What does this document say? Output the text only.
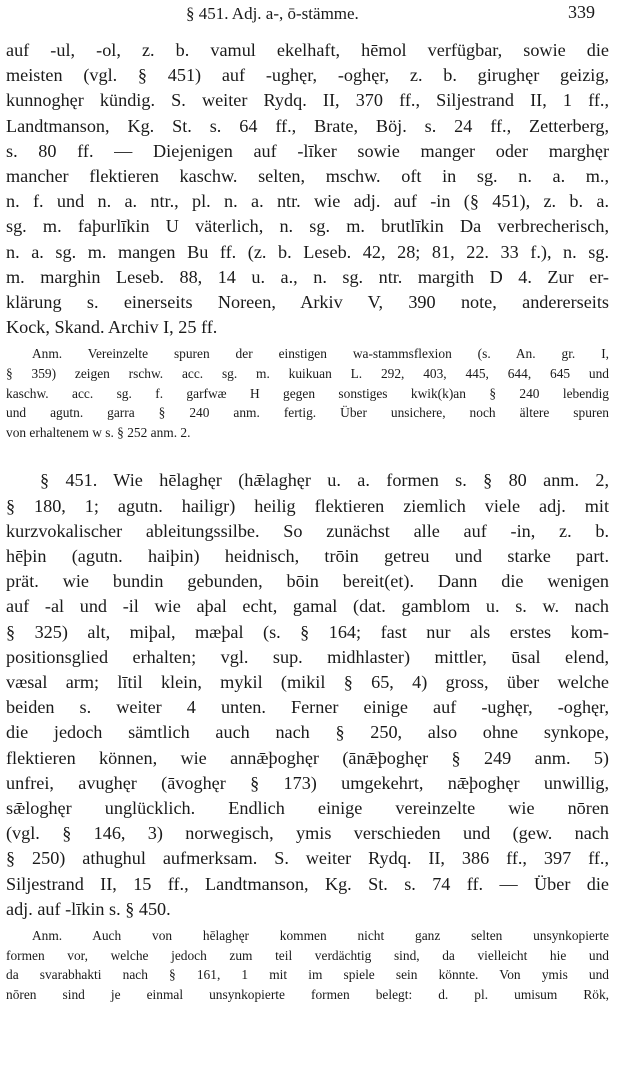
§ 451. Adj. a-, ō-stämme.	339

auf -ul, -ol, z. b. vamul ekelhaft, hēmol verfügbar, sowie die
meisten (vgl. § 451) auf -ughęr, -oghęr, z. b. girughęr geizig,
kunnoghęr kündig. S. weiter Rydq. II, 370 ff., Siljestrand II, 1 ff.,
Landtmanson, Kg. St. s. 64 ff., Brate, Böj. s. 24 ff., Zetterberg,
s. 80 ff. — Diejenigen auf -līker sowie manger oder marghęr
mancher flektieren kaschw. selten, mschw. oft in sg. n. a. m.,
n. f. und n. a. ntr., pl. n. a. ntr. wie adj. auf -in (§ 451), z. b. a.
sg. m. faþurlīkin U väterlich, n. sg. m. brutlīkin Da verbrecherisch,
n. a. sg. m. mangen Bu ff. (z. b. Leseb. 42, 28; 81, 22. 33 f.), n. sg.
m. marghin Leseb. 88, 14 u. a., n. sg. ntr. margith D 4. Zur er-
klärung s. einerseits Noreen, Arkiv V, 390 note, andererseits
Kock, Skand. Archiv I, 25 ff.

Anm. Vereinzelte spuren der einstigen wa-stammsflexion (s. An. gr. I,
§ 359) zeigen rschw. acc. sg. m. kuikuan L. 292, 403, 445, 644, 645 und
kaschw. acc. sg. f. garfwæ H gegen sonstiges kwik(k)an § 240 lebendig
und agutn. garra § 240 anm. fertig. Über unsichere, noch ältere spuren
von erhaltenem w s. § 252 anm. 2.

§ 451. Wie hēlaghęr (hǣlaghęr u. a. formen s. § 80 anm. 2,
§ 180, 1; agutn. hailigr) heilig flektieren ziemlich viele adj. mit
kurzvokalischer ableitungssilbe. So zunächst alle auf -in, z. b.
hēþin (agutn. haiþin) heidnisch, trōin getreu und starke part.
prät. wie bundin gebunden, bōin bereit(et). Dann die wenigen
auf -al und -il wie aþal echt, gamal (dat. gamblom u. s. w. nach
§ 325) alt, miþal, mæþal (s. § 164; fast nur als erstes kom-
positionsglied erhalten; vgl. sup. midhlaster) mittler, ūsal elend,
væsal arm; lītil klein, mykil (mikil § 65, 4) gross, über welche
beiden s. weiter 4 unten. Ferner einige auf -ughęr, -oghęr,
die jedoch sämtlich auch nach § 250, also ohne synkope,
flektieren können, wie annǣþoghęr (ānǣþoghęr § 249 anm. 5)
unfrei, avughęr (āvoghęr § 173) umgekehrt, nǣþoghęr unwillig,
sǣloghęr unglücklich. Endlich einige vereinzelte wie nōren
(vgl. § 146, 3) norwegisch, ymis verschieden und (gew. nach
§ 250) athughul aufmerksam. S. weiter Rydq. II, 386 ff., 397 ff.,
Siljestrand II, 15 ff., Landtmanson, Kg. St. s. 74 ff. — Über die
adj. auf -līkin s. § 450.

Anm. Auch von hēlaghęr kommen nicht ganz selten unsynkopierte
formen vor, welche jedoch zum teil verdächtig sind, da vielleicht hie und
da svarabhakti nach § 161, 1 mit im spiele sein könnte. Von ymis und
nōren sind je einmal unsynkopierte formen belegt: d. pl. umisum Rök,
